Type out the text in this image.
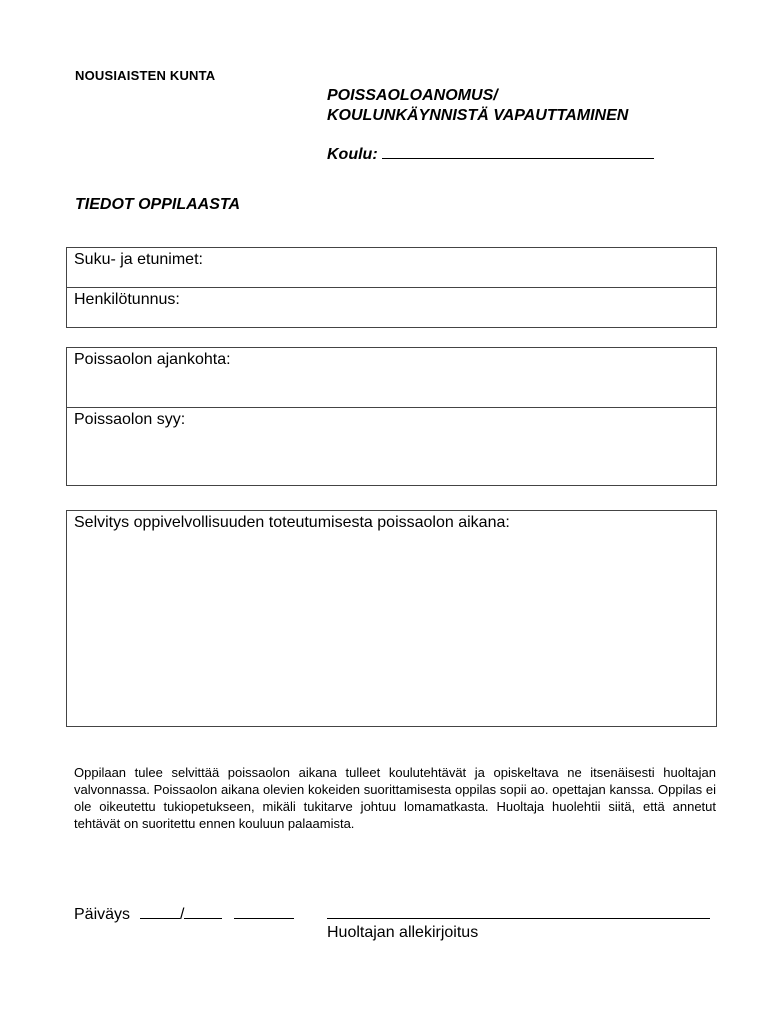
NOUSIAISTEN KUNTA
POISSAOLOANOMUS/
KOULUNKÄYNNISTÄ VAPAUTTAMINEN
Koulu:
TIEDOT OPPILAASTA
Suku- ja etunimet:
Henkilötunnus:
Poissaolon ajankohta:
Poissaolon syy:
Selvitys oppivelvollisuuden toteutumisesta poissaolon aikana:
Oppilaan tulee selvittää poissaolon aikana tulleet koulutehtävät ja opiskeltava ne itsenäisesti huoltajan valvonnassa. Poissaolon aikana olevien kokeiden suorittamisesta oppilas sopii ao. opettajan kanssa. Oppilas ei ole oikeutettu tukiopetukseen, mikäli tukitarve johtuu lomamatkasta. Huoltaja huolehtii siitä, että annetut tehtävät on suoritettu ennen kouluun palaamista.
Päiväys	/
Huoltajan allekirjoitus
